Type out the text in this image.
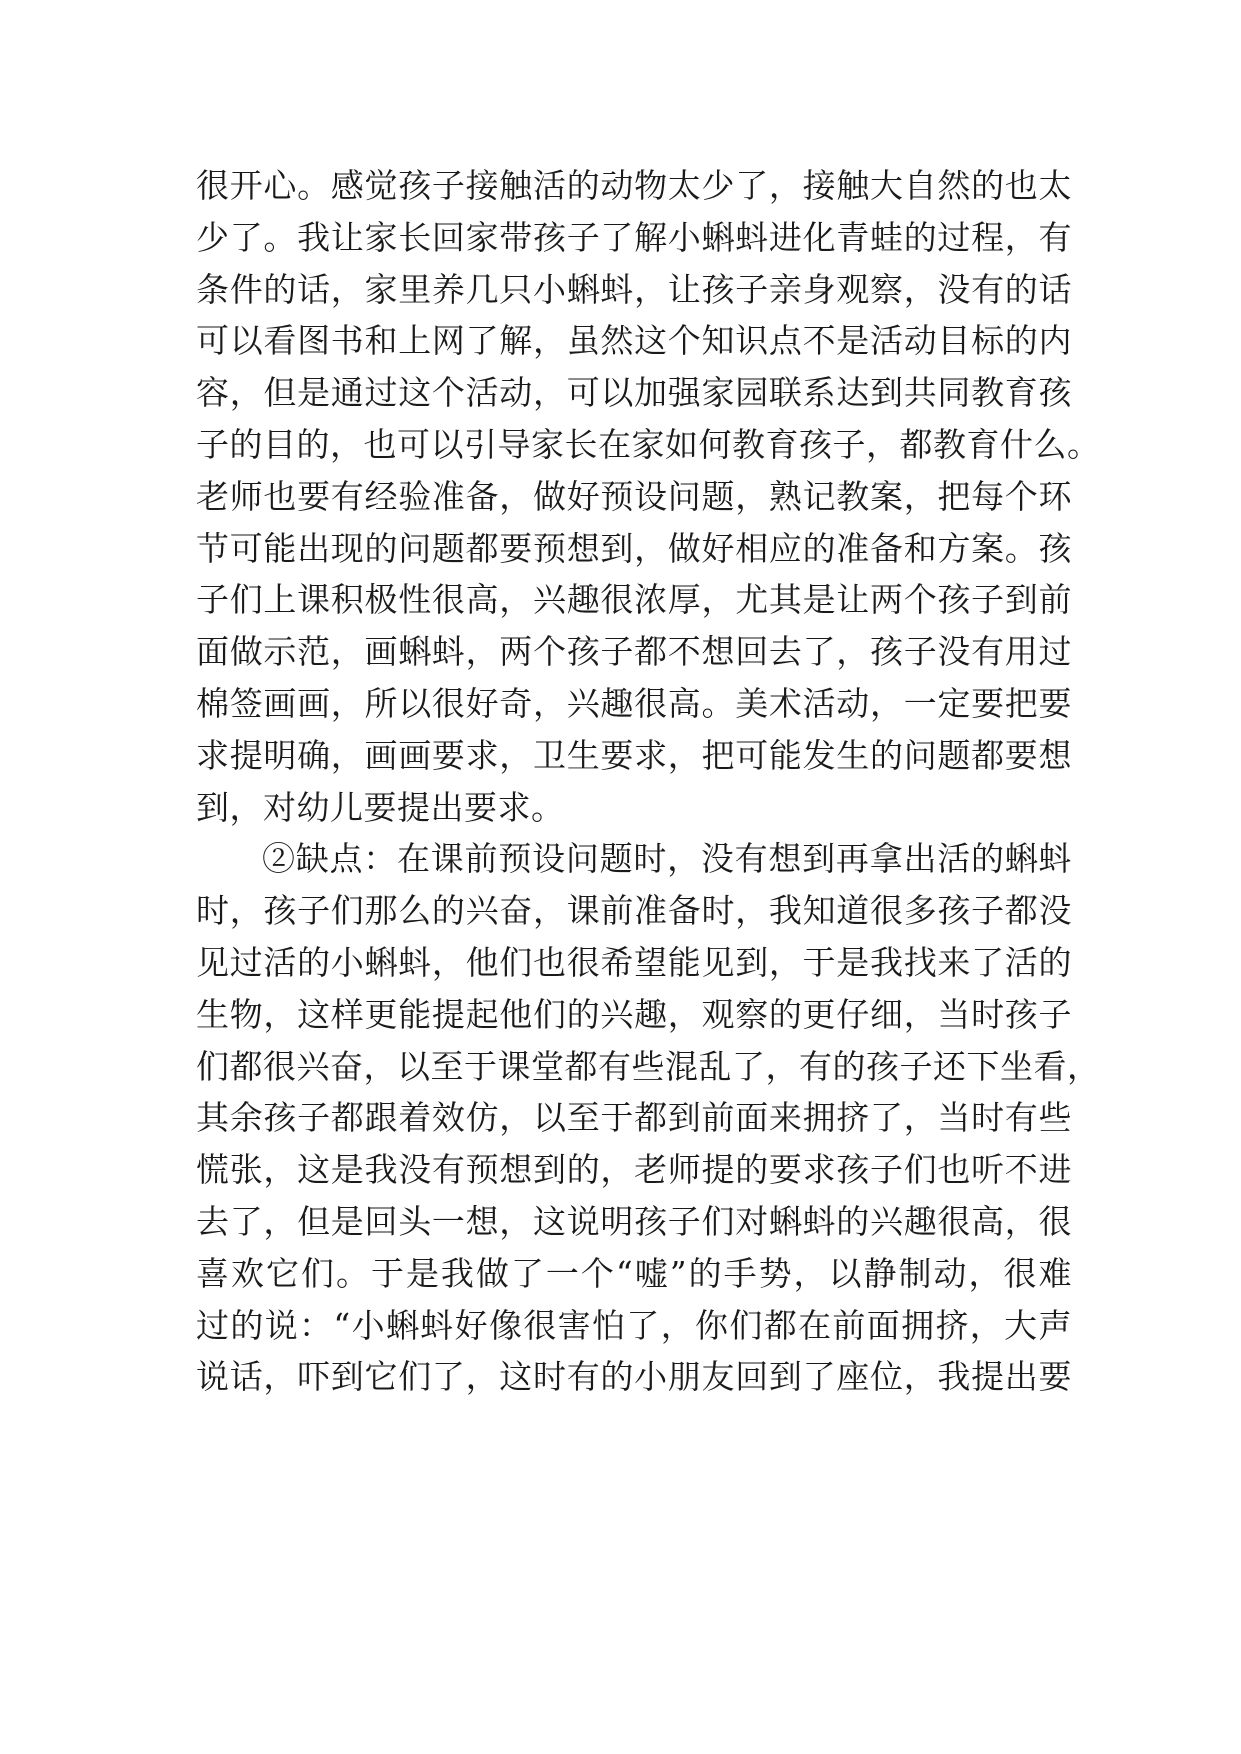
很开心。感觉孩子接触活的动物太少了，接触大自然的也太
少了。我让家长回家带孩子了解小蝌蚪进化青蛙的过程，有
条件的话，家里养几只小蝌蚪，让孩子亲身观察，没有的话
可以看图书和上网了解，虽然这个知识点不是活动目标的内
容，但是通过这个活动，可以加强家园联系达到共同教育孩
子的目的，也可以引导家长在家如何教育孩子，都教育什么。
老师也要有经验准备，做好预设问题，熟记教案，把每个环
节可能出现的问题都要预想到，做好相应的准备和方案。孩
子们上课积极性很高，兴趣很浓厚，尤其是让两个孩子到前
面做示范，画蝌蚪，两个孩子都不想回去了，孩子没有用过
棉签画画，所以很好奇，兴趣很高。美术活动，一定要把要
求提明确，画画要求，卫生要求，把可能发生的问题都要想
到，对幼儿要提出要求。
②缺点：在课前预设问题时，没有想到再拿出活的蝌蚪
时，孩子们那么的兴奋，课前准备时，我知道很多孩子都没
见过活的小蝌蚪，他们也很希望能见到，于是我找来了活的
生物，这样更能提起他们的兴趣，观察的更仔细，当时孩子
们都很兴奋，以至于课堂都有些混乱了，有的孩子还下坐看，
其余孩子都跟着效仿，以至于都到前面来拥挤了，当时有些
慌张，这是我没有预想到的，老师提的要求孩子们也听不进
去了，但是回头一想，这说明孩子们对蝌蚪的兴趣很高，很
喜欢它们。于是我做了一个“嘘”的手势，以静制动，很难
过的说：“小蝌蚪好像很害怕了，你们都在前面拥挤，大声
说话，吓到它们了，这时有的小朋友回到了座位，我提出要
